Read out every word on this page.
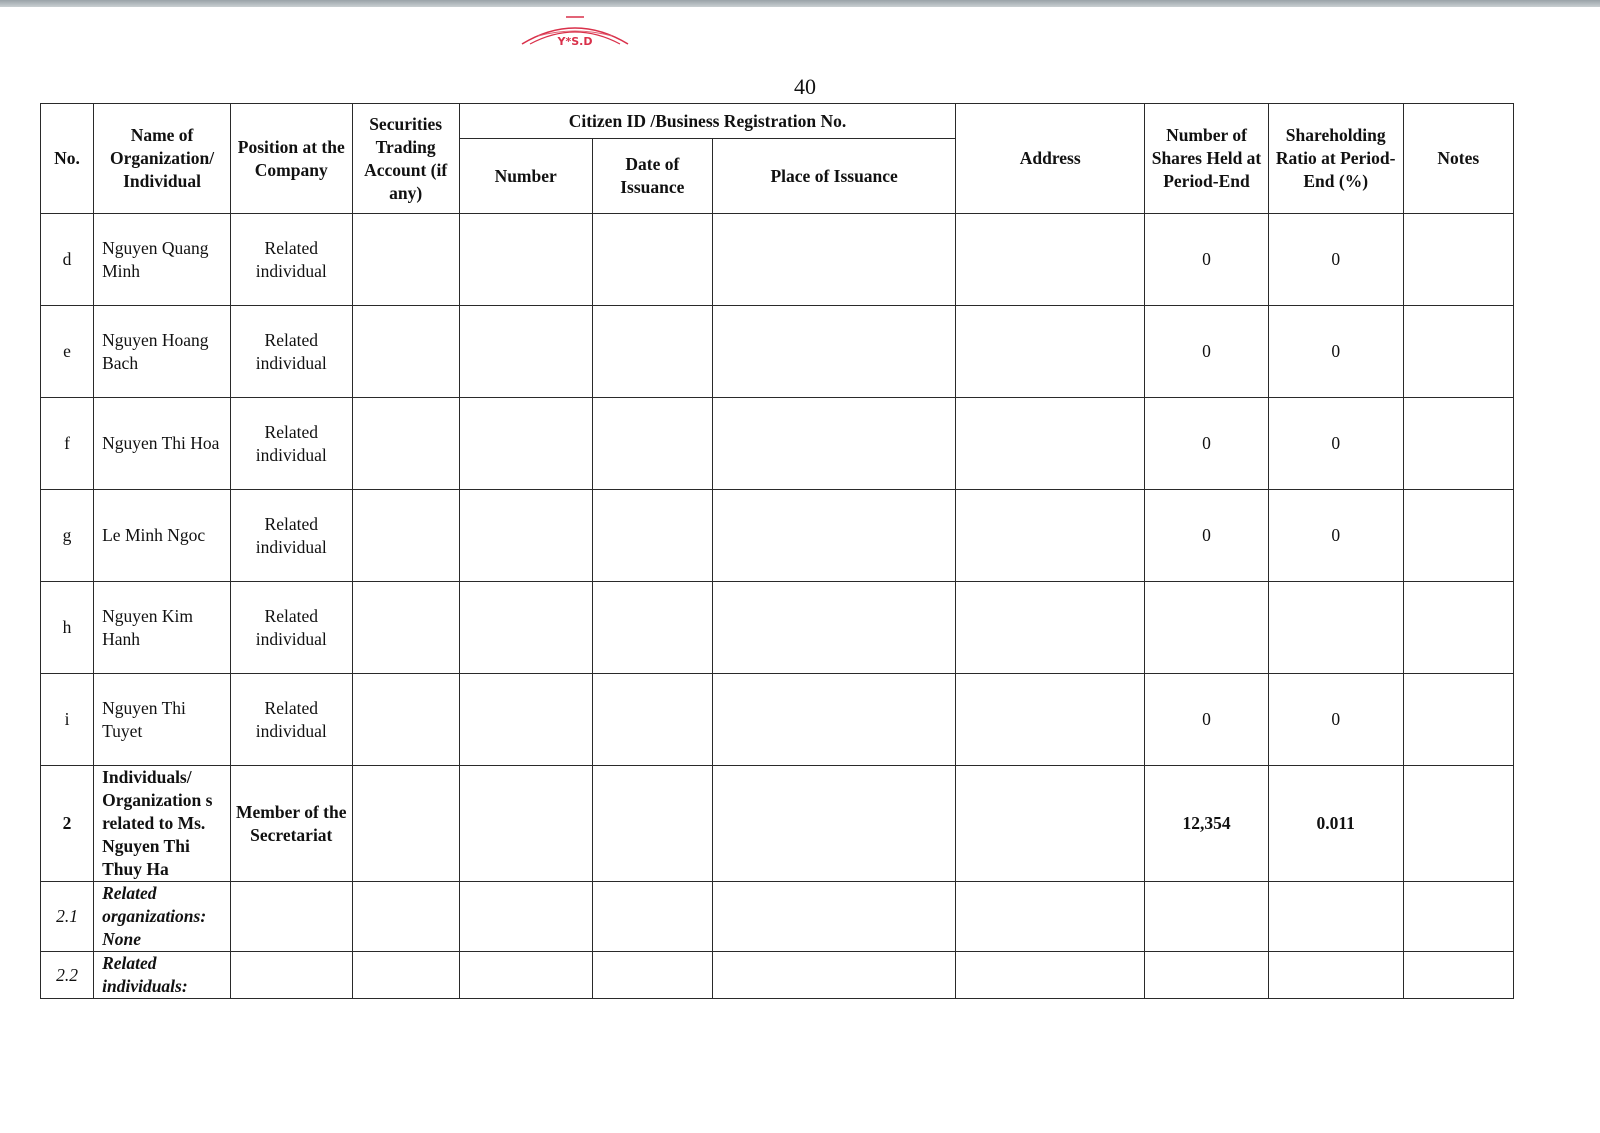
Y*S.D
40
No.	Name of Organization/ Individual	Position at the Company	Securities Trading Account (if any)	Citizen ID /Business Registration No.			Address	Number of Shares Held at Period-End	Shareholding Ratio at Period-End (%)	Notes
				Number	Date of Issuance	Place of Issuance				
d	Nguyen Quang Minh	Related individual						0	0	
e	Nguyen Hoang Bach	Related individual						0	0	
f	Nguyen Thi Hoa	Related individual						0	0	
g	Le Minh Ngoc	Related individual						0	0	
h	Nguyen Kim Hanh	Related individual								
i	Nguyen Thi Tuyet	Related individual						0	0	
2	Individuals/ Organization s related to Ms. Nguyen Thi Thuy Ha	Member of the Secretariat						12,354	0.011	
2.1	Related organizations: None									
2.2	Related individuals:									
